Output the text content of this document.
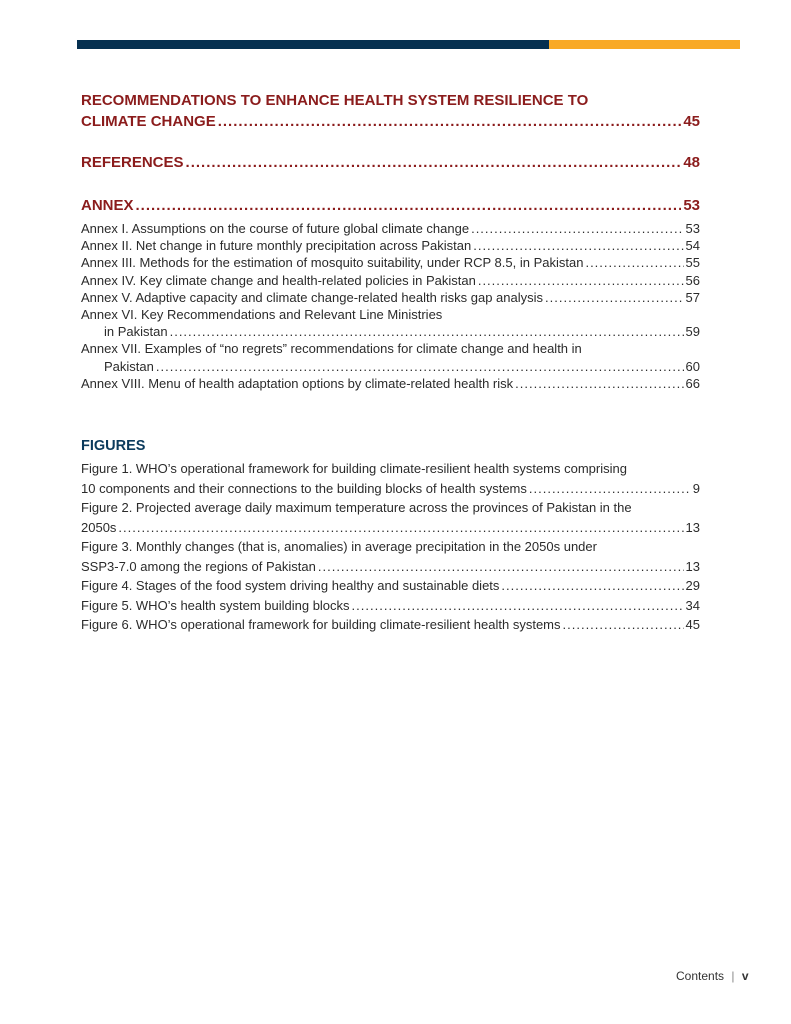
RECOMMENDATIONS TO ENHANCE HEALTH SYSTEM RESILIENCE TO
CLIMATE CHANGE .....	45
REFERENCES .....	48
ANNEX .....	53
Annex I. Assumptions on the course of future global climate change .....	53
Annex II. Net change in future monthly precipitation across Pakistan .....	54
Annex III. Methods for the estimation of mosquito suitability, under RCP 8.5, in Pakistan .....	55
Annex IV. Key climate change and health-related policies in Pakistan .....	56
Annex V. Adaptive capacity and climate change-related health risks gap analysis .....	57
Annex VI. Key Recommendations and Relevant Line Ministries
in Pakistan .....	59
Annex VII. Examples of “no regrets” recommendations for climate change and health in
Pakistan .....	60
Annex VIII. Menu of health adaptation options by climate-related health risk .....	66
FIGURES
Figure 1. WHO’s operational framework for building climate-resilient health systems comprising
10 components and their connections to the building blocks of health systems .....	9
Figure 2. Projected average daily maximum temperature across the provinces of Pakistan in the
2050s .....	13
Figure 3. Monthly changes (that is, anomalies) in average precipitation in the 2050s under
SSP3-7.0 among the regions of Pakistan .....	13
Figure 4. Stages of the food system driving healthy and sustainable diets .....	29
Figure 5. WHO’s health system building blocks .....	34
Figure 6. WHO’s operational framework for building climate-resilient health systems .....	45
Contents | v
